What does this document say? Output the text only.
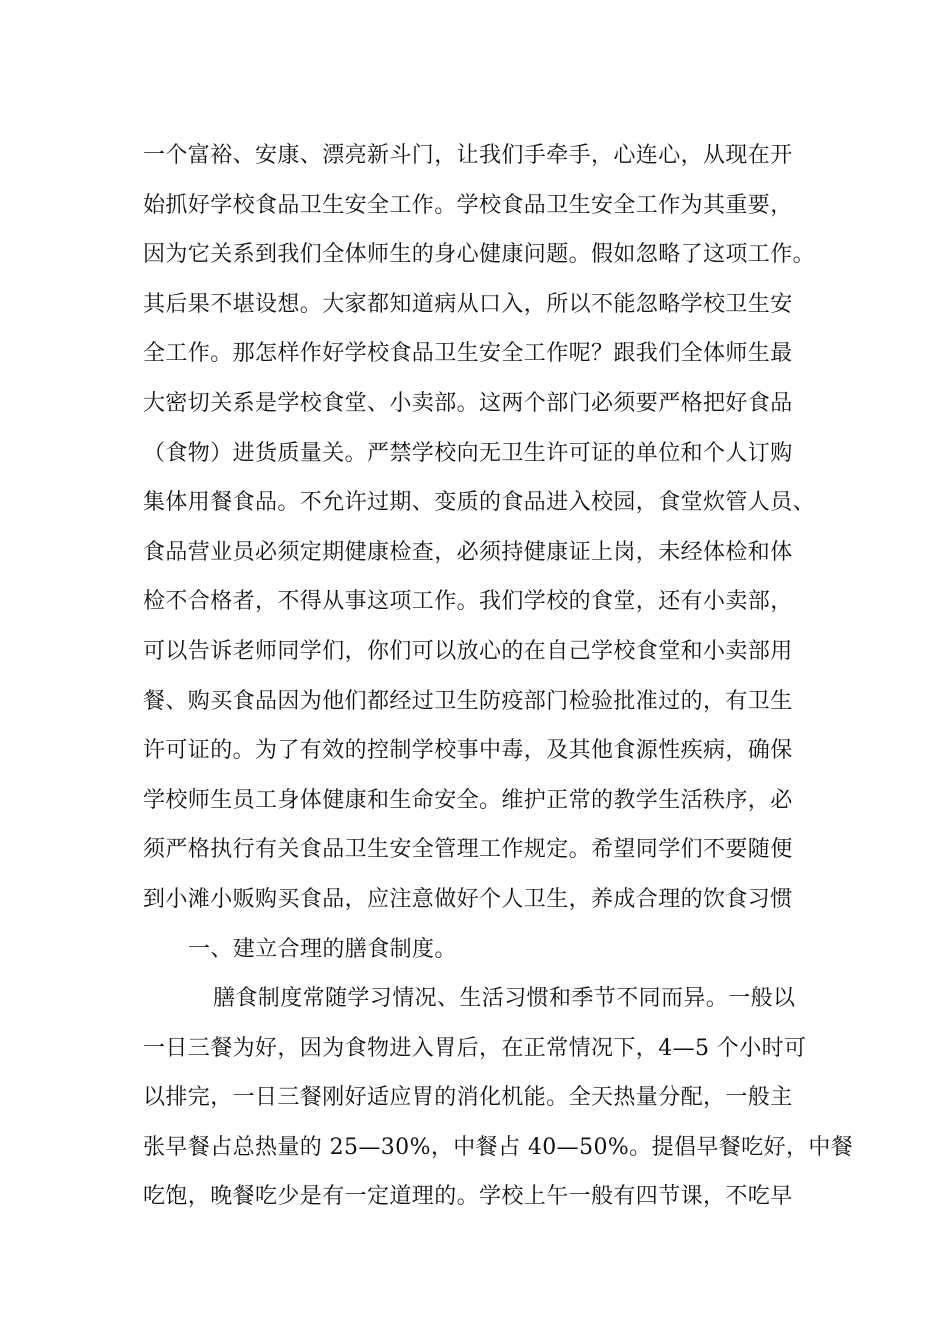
一个富裕、安康、漂亮新斗门，让我们手牵手，心连心，从现在开
始抓好学校食品卫生安全工作。学校食品卫生安全工作为其重要，
因为它关系到我们全体师生的身心健康问题。假如忽略了这项工作。
其后果不堪设想。大家都知道病从口入，所以不能忽略学校卫生安
全工作。那怎样作好学校食品卫生安全工作呢？跟我们全体师生最
大密切关系是学校食堂、小卖部。这两个部门必须要严格把好食品
（食物）进货质量关。严禁学校向无卫生许可证的单位和个人订购
集体用餐食品。不允许过期、变质的食品进入校园，食堂炊管人员、
食品营业员必须定期健康检查，必须持健康证上岗，未经体检和体
检不合格者，不得从事这项工作。我们学校的食堂，还有小卖部，
可以告诉老师同学们，你们可以放心的在自己学校食堂和小卖部用
餐、购买食品因为他们都经过卫生防疫部门检验批准过的，有卫生
许可证的。为了有效的控制学校事中毒，及其他食源性疾病，确保
学校师生员工身体健康和生命安全。维护正常的教学生活秩序，必
须严格执行有关食品卫生安全管理工作规定。希望同学们不要随便
到小滩小贩购买食品，应注意做好个人卫生，养成合理的饮食习惯
一、建立合理的膳食制度。
膳食制度常随学习情况、生活习惯和季节不同而异。一般以
一日三餐为好，因为食物进入胃后，在正常情况下，4—5 个小时可
以排完，一日三餐刚好适应胃的消化机能。全天热量分配，一般主
张早餐占总热量的 25—30%，中餐占 40—50%。提倡早餐吃好，中餐
吃饱，晚餐吃少是有一定道理的。学校上午一般有四节课，不吃早
